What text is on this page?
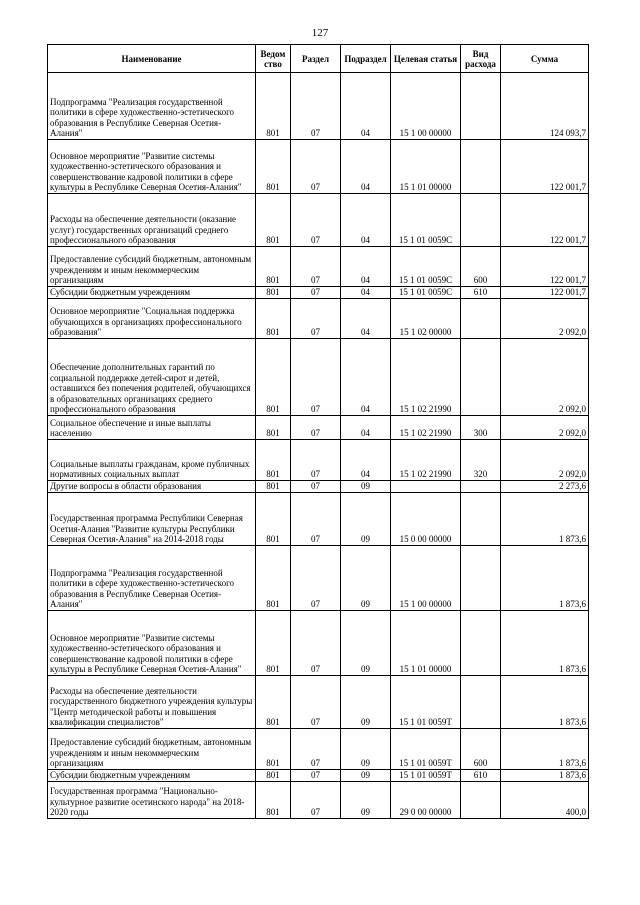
127
Наименование	Ведом ство	Раздел	Подраздел	Целевая статья	Вид расхода	Сумма
Подпрограмма "Реализация государственной политики в сфере художественно-эстетического образования в Республике Северная Осетия-Алания"	801	07	04	15 1 00 00000		124 093,7
Основное мероприятие "Развитие системы художественно-эстетического образования и совершенствование кадровой политики в сфере культуры в Республике Северная Осетия-Алания"	801	07	04	15 1 01 00000		122 001,7
Расходы на обеспечение деятельности (оказание услуг) государственных организаций среднего профессионального образования	801	07	04	15 1 01 0059С		122 001,7
Предоставление субсидий бюджетным, автономным учреждениям и иным некоммерческим организациям	801	07	04	15 1 01 0059С	600	122 001,7
Субсидии бюджетным учреждениям	801	07	04	15 1 01 0059С	610	122 001,7
Основное мероприятие "Социальная поддержка обучающихся в организациях профессионального образования"	801	07	04	15 1 02 00000		2 092,0
Обеспечение дополнительных гарантий по социальной поддержке детей-сирот и детей, оставшихся без попечения родителей, обучающихся в образовательных организациях среднего профессионального образования	801	07	04	15 1 02 21990		2 092,0
Социальное обеспечение и иные выплаты населению	801	07	04	15 1 02 21990	300	2 092,0
Социальные выплаты гражданам, кроме публичных нормативных социальных выплат	801	07	04	15 1 02 21990	320	2 092,0
Другие вопросы в области образования	801	07	09			2 273,6
Государственная программа Республики Северная Осетия-Алания "Развитие культуры Республики Северная Осетия-Алания" на 2014-2018 годы	801	07	09	15 0 00 00000		1 873,6
Подпрограмма "Реализация государственной политики в сфере художественно-эстетического образования в Республике Северная Осетия-Алания"	801	07	09	15 1 00 00000		1 873,6
Основное мероприятие "Развитие системы художественно-эстетического образования и совершенствование кадровой политики в сфере культуры в Республике Северная Осетия-Алания"	801	07	09	15 1 01 00000		1 873,6
Расходы на обеспечение деятельности государственного бюджетного учреждения культуры "Центр методической работы и повышения квалификации специалистов"	801	07	09	15 1 01 0059Т		1 873,6
Предоставление субсидий бюджетным, автономным учреждениям и иным некоммерческим организациям	801	07	09	15 1 01 0059Т	600	1 873,6
Субсидии бюджетным учреждениям	801	07	09	15 1 01 0059Т	610	1 873,6
Государственная программа "Национально-культурное развитие осетинского народа" на 2018-2020 годы	801	07	09	29 0 00 00000		400,0
